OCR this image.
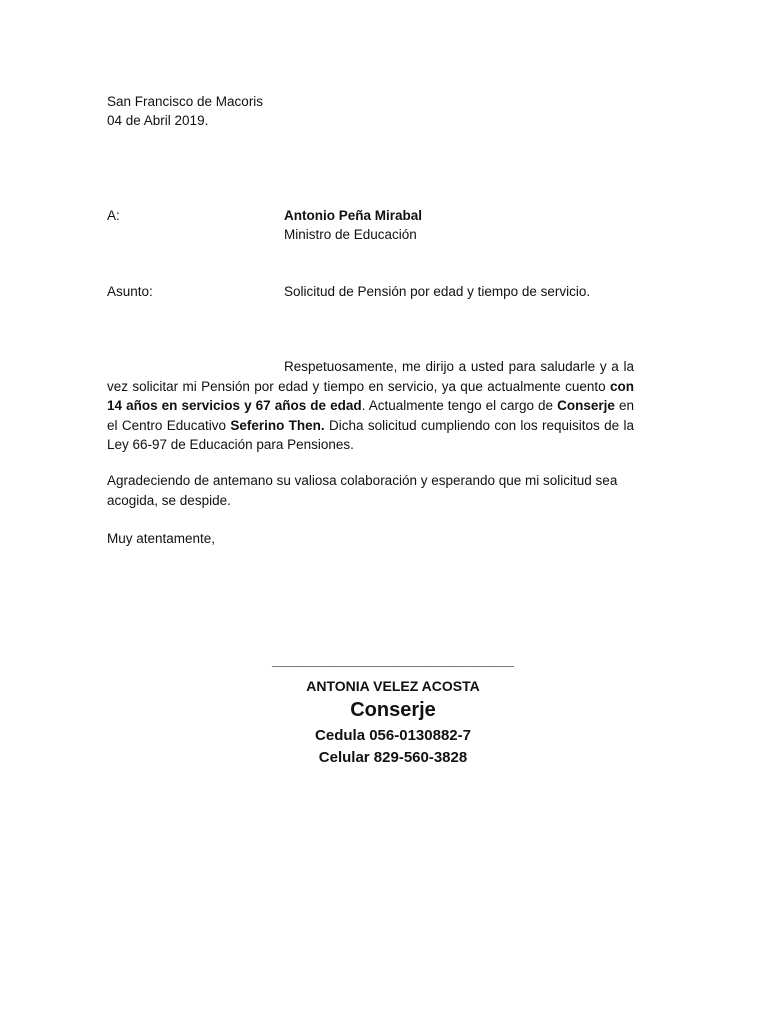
San Francisco de Macoris
04 de Abril 2019.
A:	Antonio Peña Mirabal
Ministro de Educación
Asunto:	Solicitud de Pensión por edad y tiempo de servicio.
Respetuosamente, me dirijo a usted para saludarle y a la vez solicitar mi Pensión por edad y tiempo en servicio, ya que actualmente cuento con 14 años en servicios y 67 años de edad. Actualmente tengo el cargo de Conserje en el Centro Educativo Seferino Then. Dicha solicitud cumpliendo con los requisitos de la Ley 66-97 de Educación para Pensiones.
Agradeciendo de antemano su valiosa colaboración y esperando que mi solicitud sea acogida, se despide.
Muy atentamente,
_____________________________
ANTONIA VELEZ ACOSTA
Conserje
Cedula 056-0130882-7
Celular 829-560-3828
